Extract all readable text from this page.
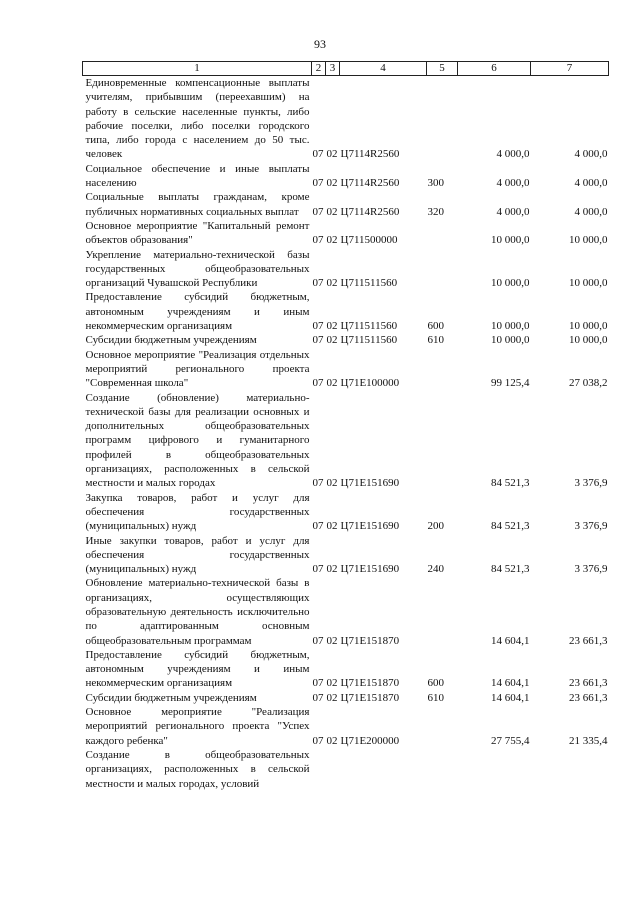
93
1	2	3	4	5	6	7
Единовременные компенсационные выплаты учителям, прибывшим (переехавшим) на работу в сельские населенные пункты, либо рабочие поселки, либо поселки городского типа, либо города с населением до 50 тыс. человек	07	02	Ц7114R2560		4 000,0	4 000,0
Социальное обеспечение и иные выплаты населению	07	02	Ц7114R2560	300	4 000,0	4 000,0
Социальные выплаты гражданам, кроме публичных нормативных социальных выплат	07	02	Ц7114R2560	320	4 000,0	4 000,0
Основное мероприятие "Капитальный ремонт объектов образования"	07	02	Ц711500000		10 000,0	10 000,0
Укрепление материально-технической базы государственных общеобразовательных организаций Чувашской Республики	07	02	Ц711511560		10 000,0	10 000,0
Предоставление субсидий бюджетным, автономным учреждениям и иным некоммерческим организациям	07	02	Ц711511560	600	10 000,0	10 000,0
Субсидии бюджетным учреждениям	07	02	Ц711511560	610	10 000,0	10 000,0
Основное мероприятие "Реализация отдельных мероприятий регионального проекта "Современная школа"	07	02	Ц71Е100000		99 125,4	27 038,2
Создание (обновление) материально-технической базы для реализации основных и дополнительных общеобразовательных программ цифрового и гуманитарного профилей в общеобразовательных организациях, расположенных в сельской местности и малых городах	07	02	Ц71Е151690		84 521,3	3 376,9
Закупка товаров, работ и услуг для обеспечения государственных (муниципальных) нужд	07	02	Ц71Е151690	200	84 521,3	3 376,9
Иные закупки товаров, работ и услуг для обеспечения государственных (муниципальных) нужд	07	02	Ц71Е151690	240	84 521,3	3 376,9
Обновление материально-технической базы в организациях, осуществляющих образовательную деятельность исключительно по адаптированным основным общеобразовательным программам	07	02	Ц71Е151870		14 604,1	23 661,3
Предоставление субсидий бюджетным, автономным учреждениям и иным некоммерческим организациям	07	02	Ц71Е151870	600	14 604,1	23 661,3
Субсидии бюджетным учреждениям	07	02	Ц71Е151870	610	14 604,1	23 661,3
Основное мероприятие "Реализация мероприятий регионального проекта "Успех каждого ребенка"	07	02	Ц71Е200000		27 755,4	21 335,4
Создание в общеобразовательных организациях, расположенных в сельской местности и малых городах, условий						
